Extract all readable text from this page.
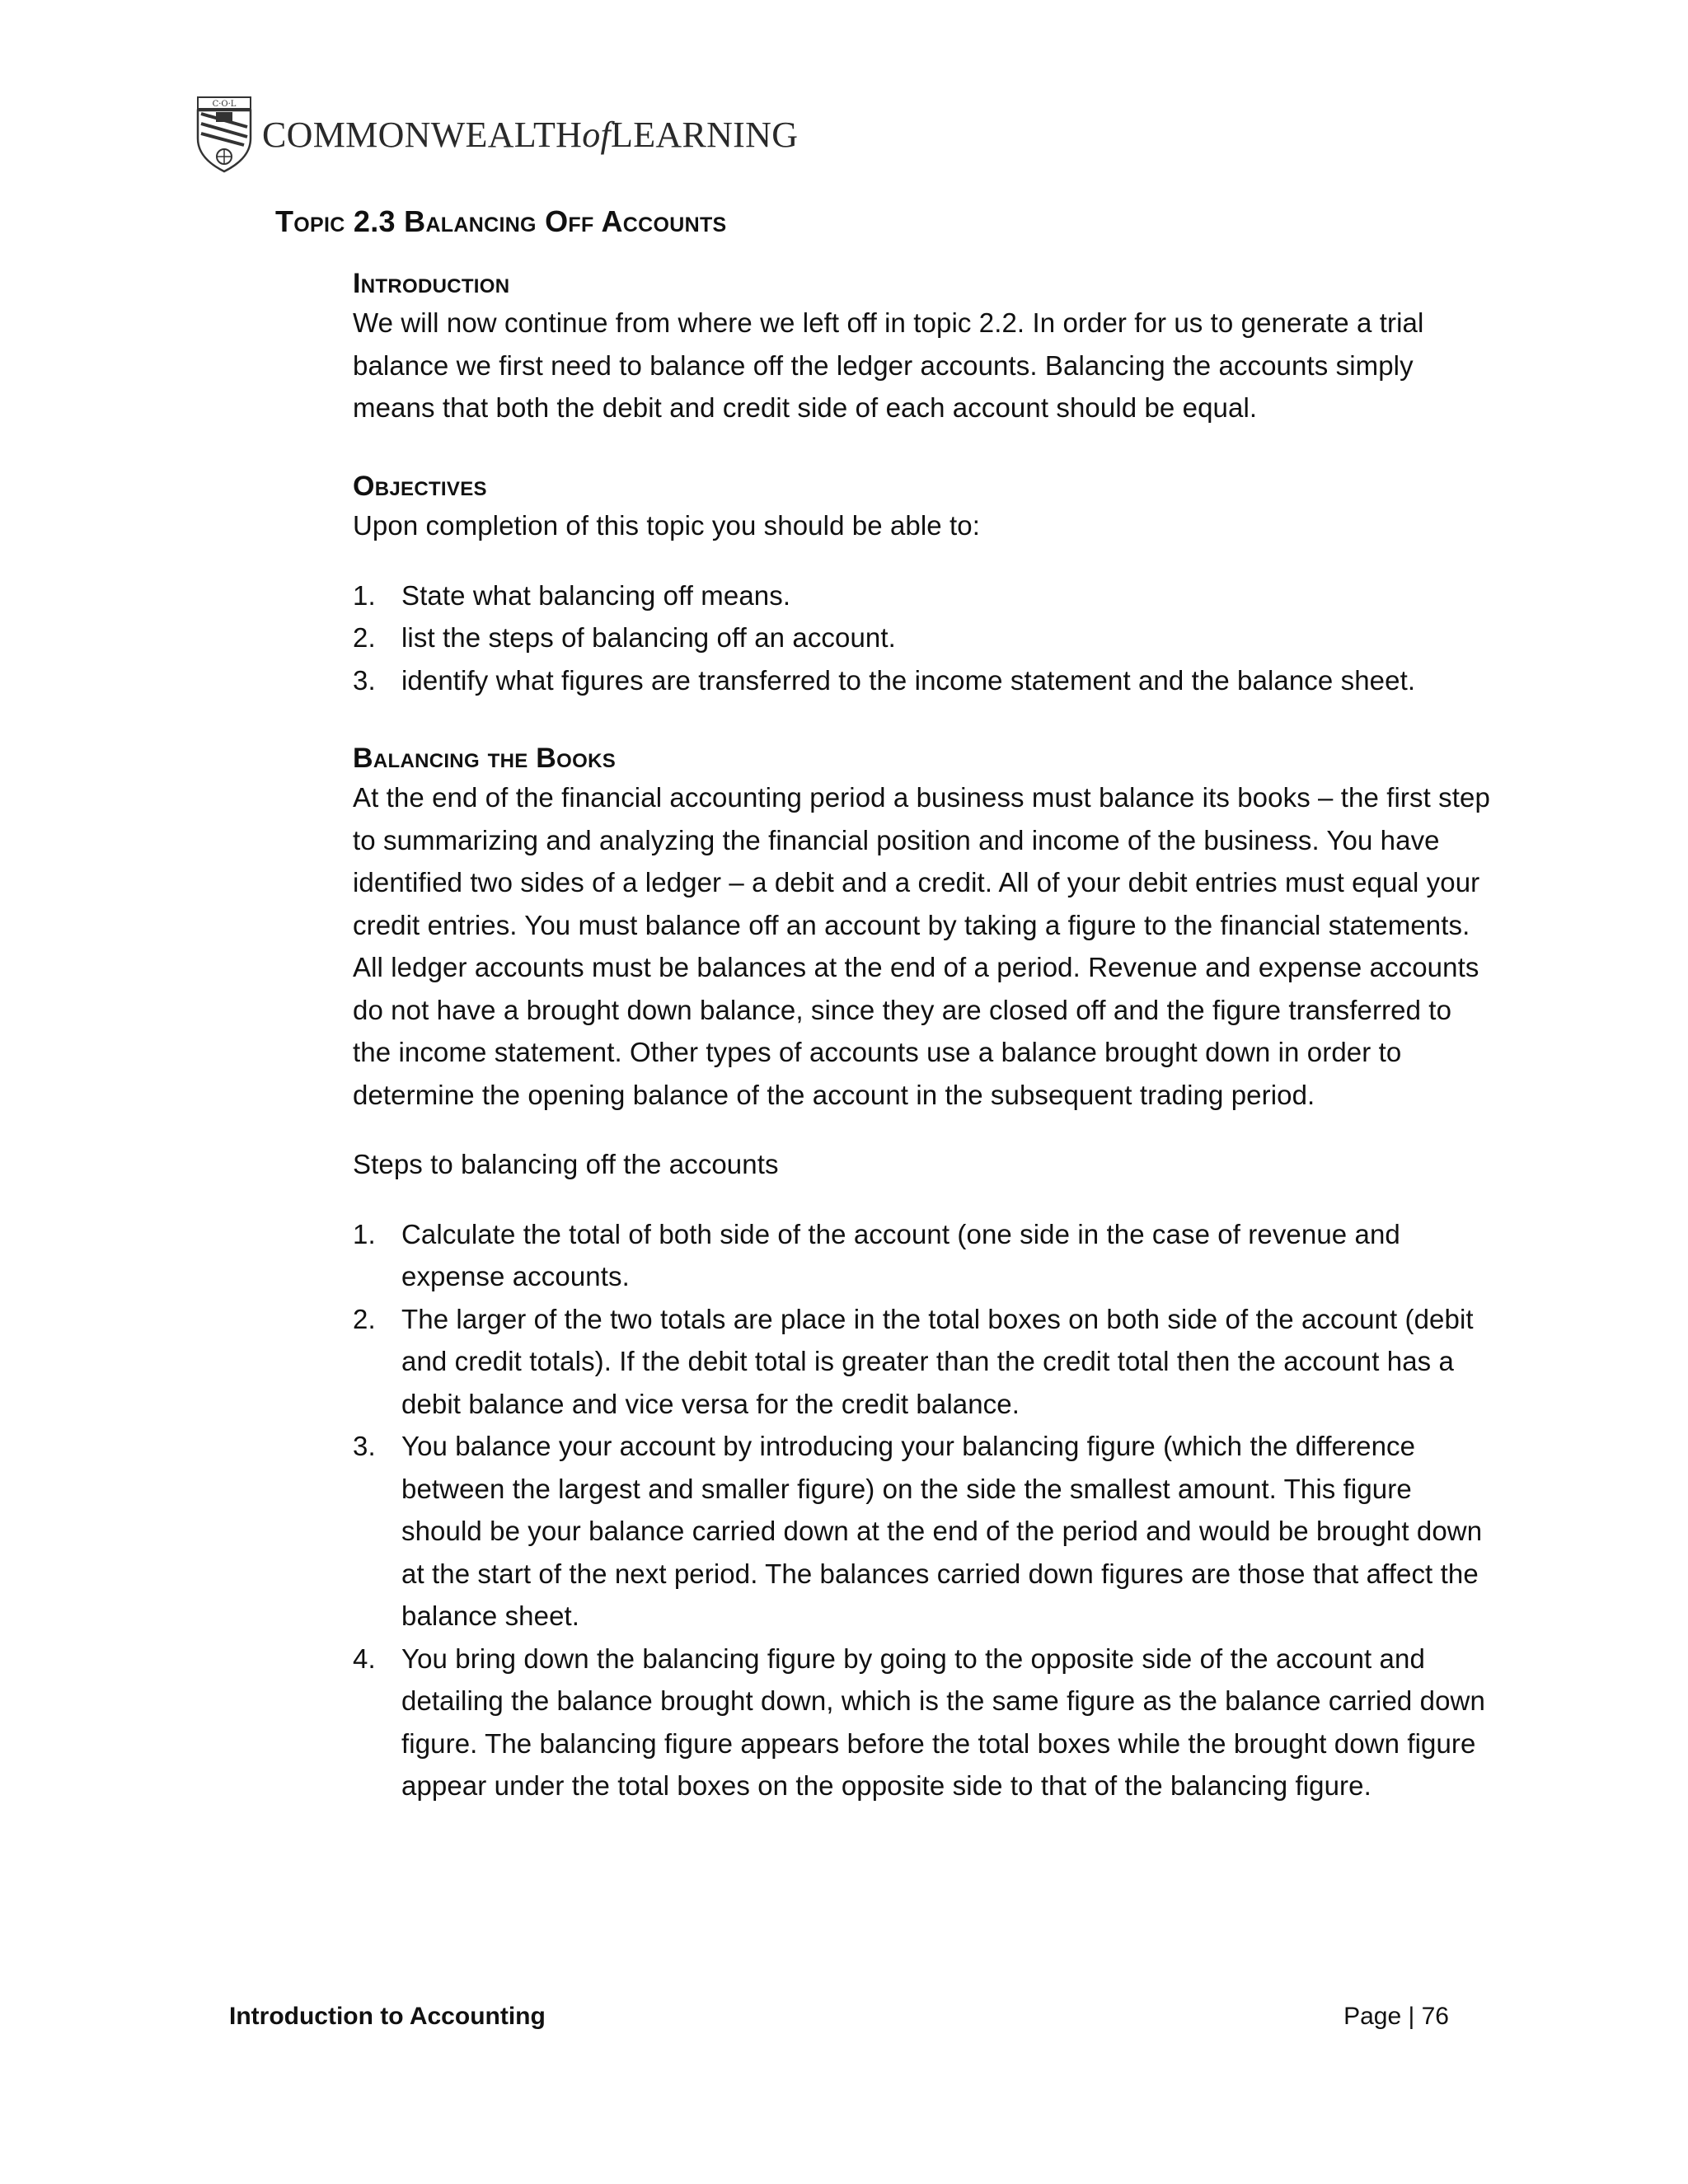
C·O·L
COMMONWEALTHofLEARNING
Topic 2.3 Balancing Off Accounts
Introduction

We will now continue from where we left off in topic 2.2. In order for us to generate a trial balance we first need to balance off the ledger accounts. Balancing the accounts simply means that both the debit and credit side of each account should be equal.

Objectives

Upon completion of this topic you should be able to:

1. State what balancing off means.
2. list the steps of balancing off an account.
3. identify what figures are transferred to the income statement and the balance sheet.
Balancing the Books

At the end of the financial accounting period a business must balance its books – the first step to summarizing and analyzing the financial position and income of the business. You have identified two sides of a ledger – a debit and a credit. All of your debit entries must equal your credit entries. You must balance off an account by taking a figure to the financial statements. All ledger accounts must be balances at the end of a period. Revenue and expense accounts do not have a brought down balance, since they are closed off and the figure transferred to the income statement. Other types of accounts use a balance brought down in order to determine the opening balance of the account in the subsequent trading period.

Steps to balancing off the accounts

1. Calculate the total of both side of the account (one side in the case of revenue and expense accounts.
2. The larger of the two totals are place in the total boxes on both side of the account (debit and credit totals). If the debit total is greater than the credit total then the account has a debit balance and vice versa for the credit balance.
3. You balance your account by introducing your balancing figure (which the difference between the largest and smaller figure) on the side the smallest amount. This figure should be your balance carried down at the end of the period and would be brought down at the start of the next period. The balances carried down figures are those that affect the balance sheet.
4. You bring down the balancing figure by going to the opposite side of the account and detailing the balance brought down, which is the same figure as the balance carried down figure. The balancing figure appears before the total boxes while the brought down figure appear under the total boxes on the opposite side to that of the balancing figure.
Introduction to Accounting	Page | 76
